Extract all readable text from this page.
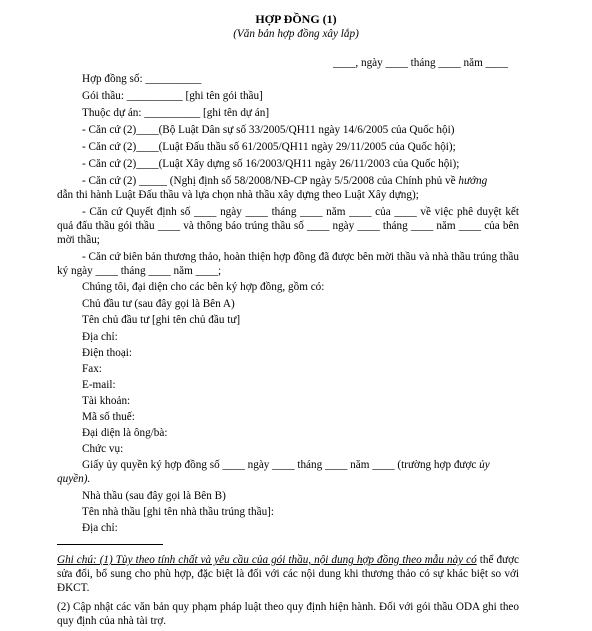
HỢP ĐỒNG (1)
(Văn bản hợp đồng xây lắp)
____, ngày ____ tháng ____ năm ____
Hợp đồng số: __________
Gói thầu: __________ [ghi tên gói thầu]
Thuộc dự án: __________ [ghi tên dự án]
- Căn cứ (2)____(Bộ Luật Dân sự số 33/2005/QH11 ngày 14/6/2005 của Quốc hội)
- Căn cứ (2)____(Luật Đấu thầu số 61/2005/QH11 ngày 29/11/2005 của Quốc hội);
- Căn cứ (2)____(Luật Xây dựng số 16/2003/QH11 ngày 26/11/2003 của Quốc hội);
- Căn cứ (2) _____ (Nghị định số 58/2008/NĐ-CP ngày 5/5/2008 của Chính phủ về hướng
dẫn thi hành Luật Đấu thầu và lựa chọn nhà thầu xây dựng theo Luật Xây dựng);
- Căn cứ Quyết định số ____ ngày ____ tháng ____ năm ____ của ____ về việc phê duyệt kết quả đấu thầu gói thầu ____ và thông báo trúng thầu số ____ ngày ____ tháng ____ năm ____ của bên mời thầu;
- Căn cứ biên bản thương thảo, hoàn thiện hợp đồng đã được bên mời thầu và nhà thầu trúng thầu ký ngày ____ tháng ____ năm ____;
Chúng tôi, đại diện cho các bên ký hợp đồng, gồm có:
Chủ đầu tư (sau đây gọi là Bên A)
Tên chủ đầu tư [ghi tên chủ đầu tư]
Địa chỉ:
Điện thoại:
Fax:
E-mail:
Tài khoản:
Mã số thuế:
Đại diện là ông/bà:
Chức vụ:
Giấy ủy quyền ký hợp đồng số ____ ngày ____ tháng ____ năm ____ (trường hợp được ủy
quyền).
Nhà thầu (sau đây gọi là Bên B)
Tên nhà thầu [ghi tên nhà thầu trúng thầu]:
Địa chỉ:
Ghi chú: (1) Tùy theo tính chất và yêu cầu của gói thầu, nội dung hợp đồng theo mẫu này có thể được sửa đổi, bổ sung cho phù hợp, đặc biệt là đối với các nội dung khi thương thảo có sự khác biệt so với ĐKCT.
(2) Cập nhật các văn bản quy phạm pháp luật theo quy định hiện hành. Đối với gói thầu ODA ghi theo quy định của nhà tài trợ.
